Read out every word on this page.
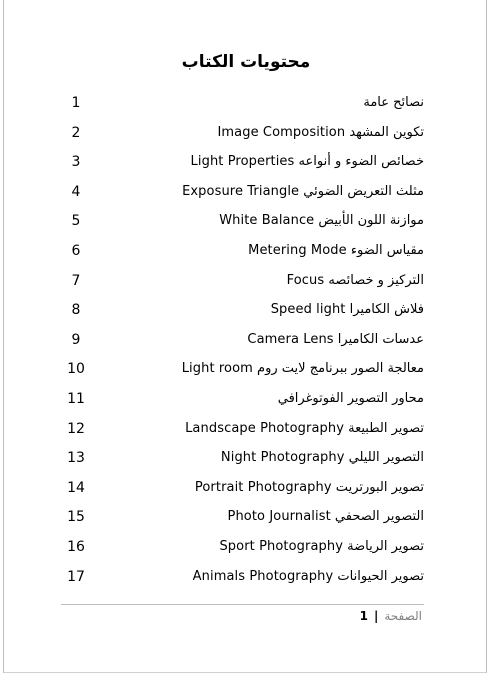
محتويات الكتاب
1	نصائح عامة
2	تكوين المشهد Image Composition
3	خصائص الضوء و أنواعه Light Properties
4	مثلث التعريض الضوئي Exposure Triangle
5	موازنة اللون الأبيض White Balance
6	مقياس الضوء Metering Mode
7	التركيز و خصائصه Focus
8	فلاش الكاميرا Speed light
9	عدسات الكاميرا Camera Lens
10	معالجة الصور ببرنامج لايت روم Light room
11	محاور التصوير الفوتوغرافي
12	تصوير الطبيعة Landscape Photography
13	التصوير الليلي Night Photography
14	تصوير البورتريت Portrait Photography
15	التصوير الصحفي Photo Journalist
16	تصوير الرياضة Sport Photography
17	تصوير الحيوانات Animals Photography
الصفحة|1
